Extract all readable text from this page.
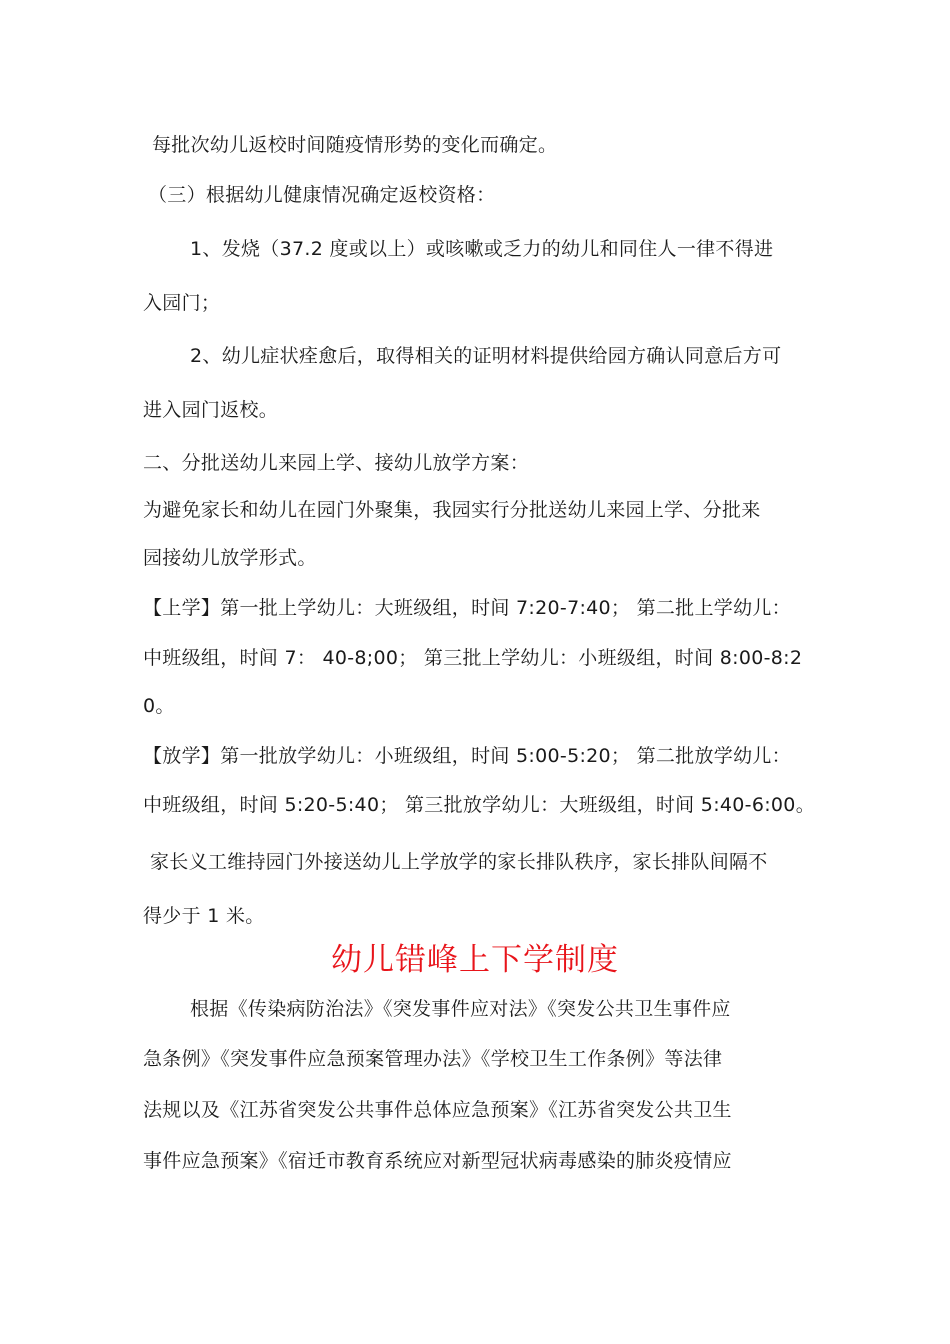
每批次幼儿返校时间随疫情形势的变化而确定。
（三）根据幼儿健康情况确定返校资格：
1、发烧（37.2 度或以上）或咳嗽或乏力的幼儿和同住人一律不得进
入园门；
2、幼儿症状痊愈后，取得相关的证明材料提供给园方确认同意后方可
进入园门返校。
二、分批送幼儿来园上学、接幼儿放学方案：
为避免家长和幼儿在园门外聚集，我园实行分批送幼儿来园上学、分批来
园接幼儿放学形式。
【上学】第一批上学幼儿：大班级组，时间 7:20-7:40； 第二批上学幼儿：
中班级组，时间 7： 40-8;00； 第三批上学幼儿：小班级组，时间 8:00-8:2
0。
【放学】第一批放学幼儿：小班级组，时间 5:00-5:20； 第二批放学幼儿：
中班级组，时间 5:20-5:40； 第三批放学幼儿：大班级组，时间 5:40-6:00。
家长义工维持园门外接送幼儿上学放学的家长排队秩序，家长排队间隔不
得少于 1 米。
幼儿错峰上下学制度
根据《传染病防治法》《突发事件应对法》《突发公共卫生事件应
急条例》《突发事件应急预案管理办法》《学校卫生工作条例》等法律
法规以及《江苏省突发公共事件总体应急预案》《江苏省突发公共卫生
事件应急预案》《宿迁市教育系统应对新型冠状病毒感染的肺炎疫情应
